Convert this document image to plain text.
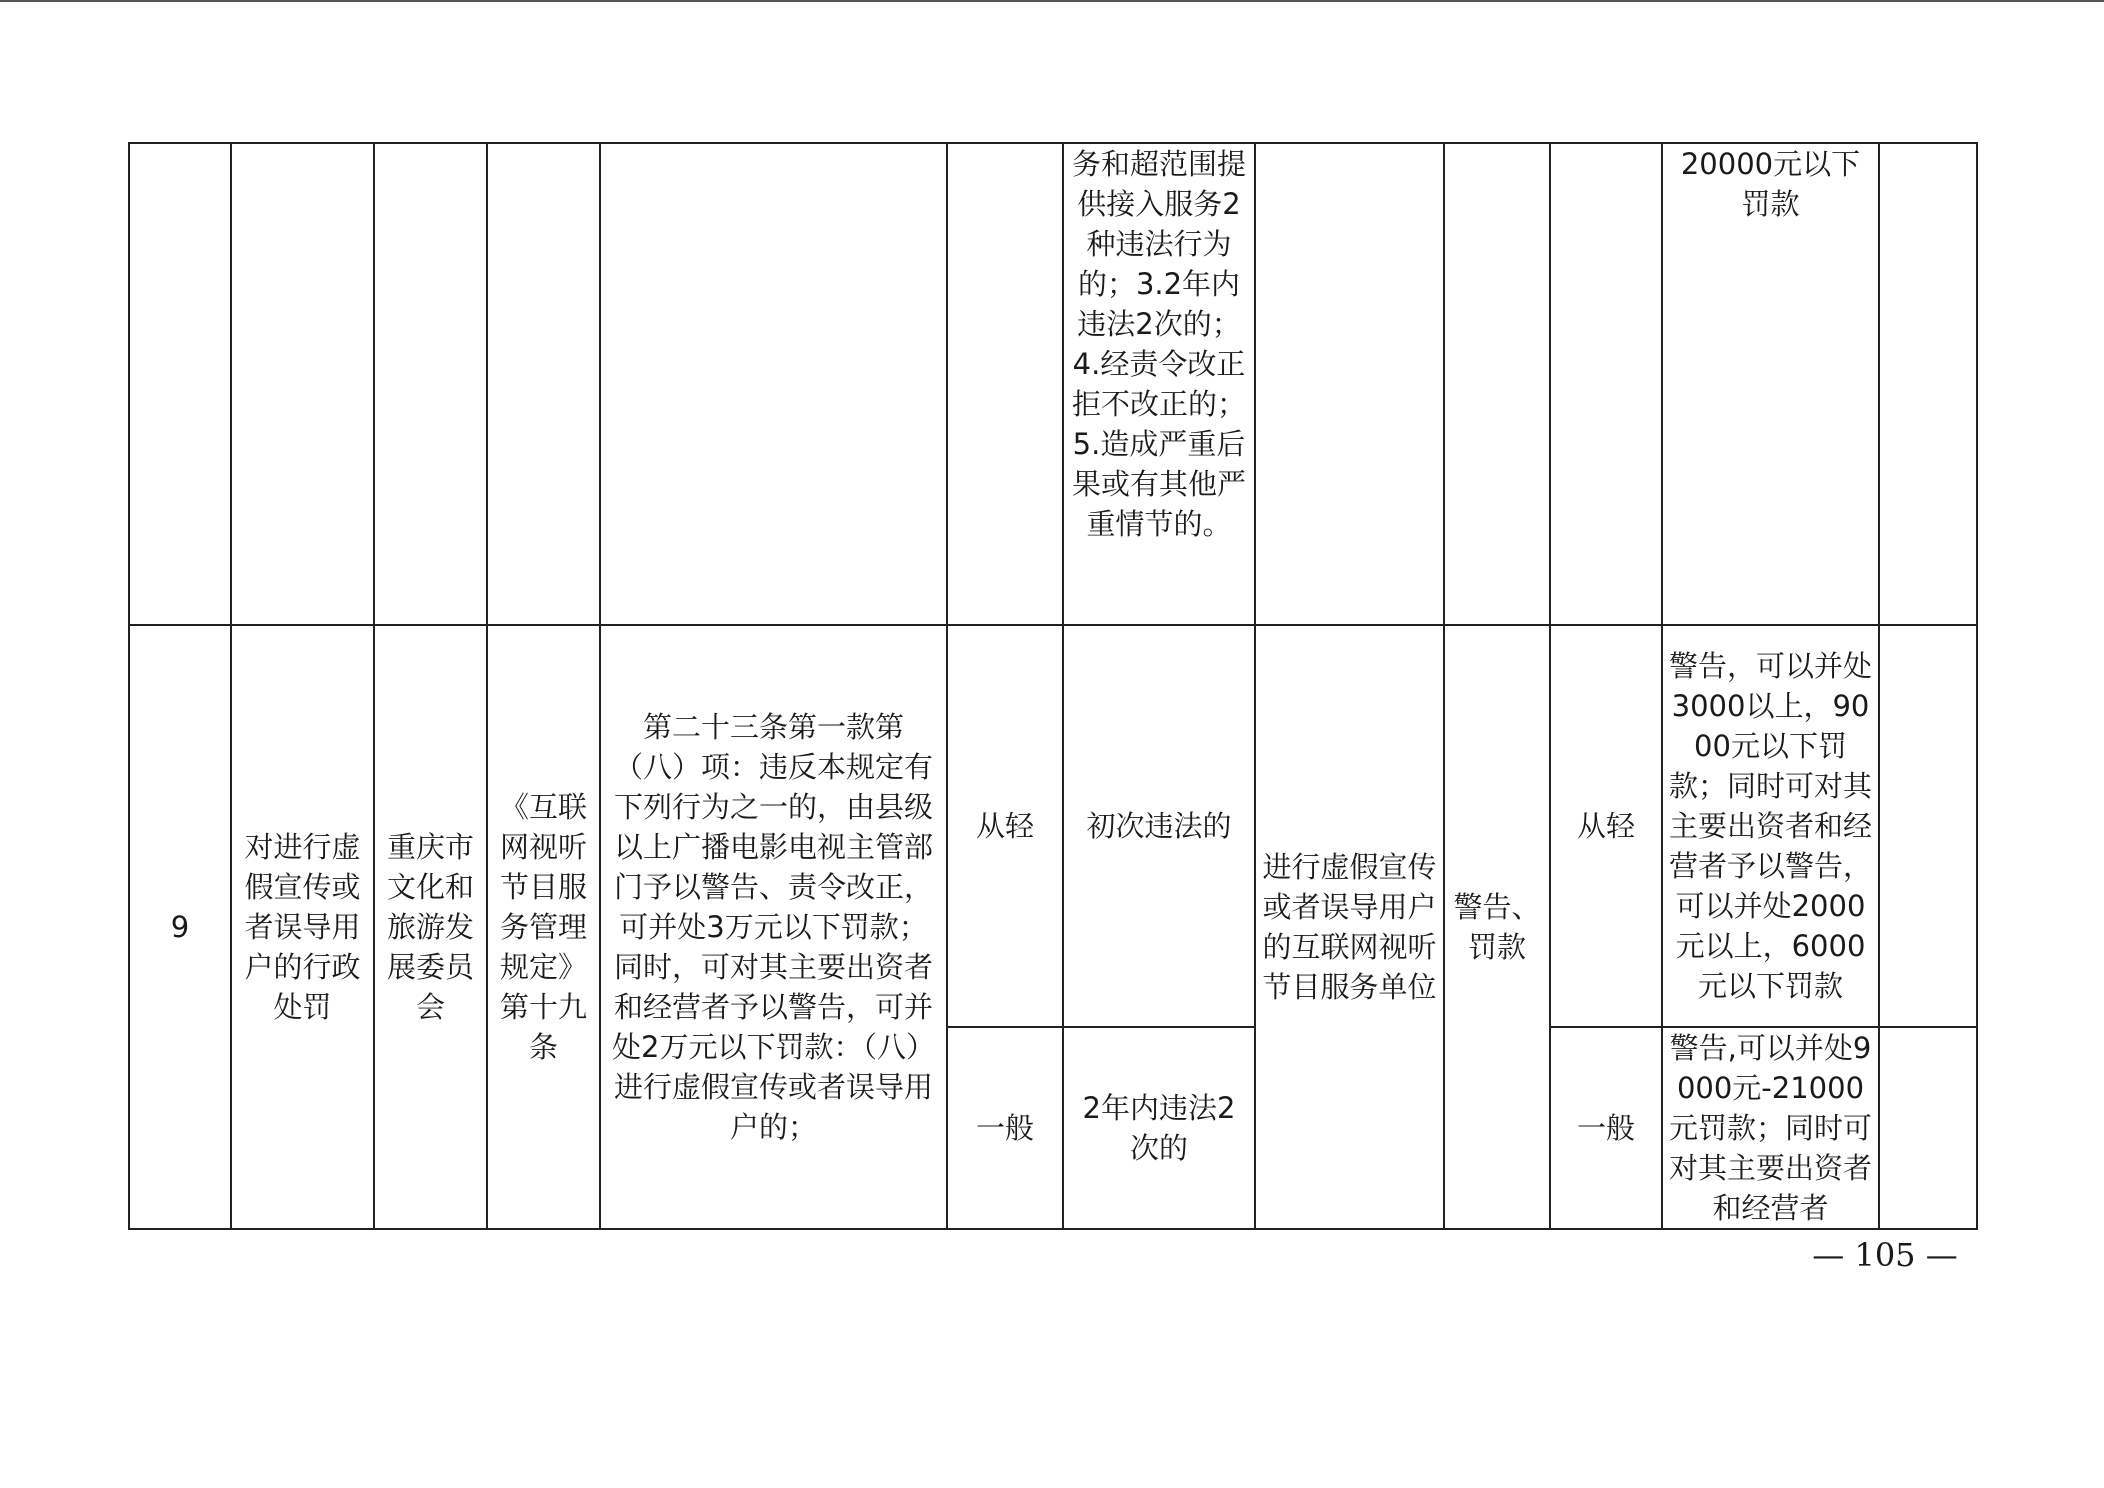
						务和超范围提供接入服务2种违法行为的；3.2年内违法2次的；4.经责令改正拒不改正的；5.造成严重后果或有其他严重情节的。				20000元以下罚款	

9	对进行虚假宣传或者误导用户的行政处罚	重庆市文化和旅游发展委员会	《互联网视听节目服务管理规定》第十九条	第二十三条第一款第（八）项：违反本规定有下列行为之一的，由县级以上广播电影电视主管部门予以警告、责令改正，可并处3万元以下罚款；同时，可对其主要出资者和经营者予以警告，可并处2万元以下罚款：（八）进行虚假宣传或者误导用户的；	从轻	初次违法的	进行虚假宣传或者误导用户的互联网视听节目服务单位	警告、罚款	从轻	警告，可以并处3000以上，9000元以下罚款；同时可对其主要出资者和经营者予以警告，可以并处2000元以上，6000元以下罚款	

					一般	2年内违法2次的			一般	警告,可以并处9000元-21000元罚款；同时可对其主要出资者和经营者	

— 105 —
